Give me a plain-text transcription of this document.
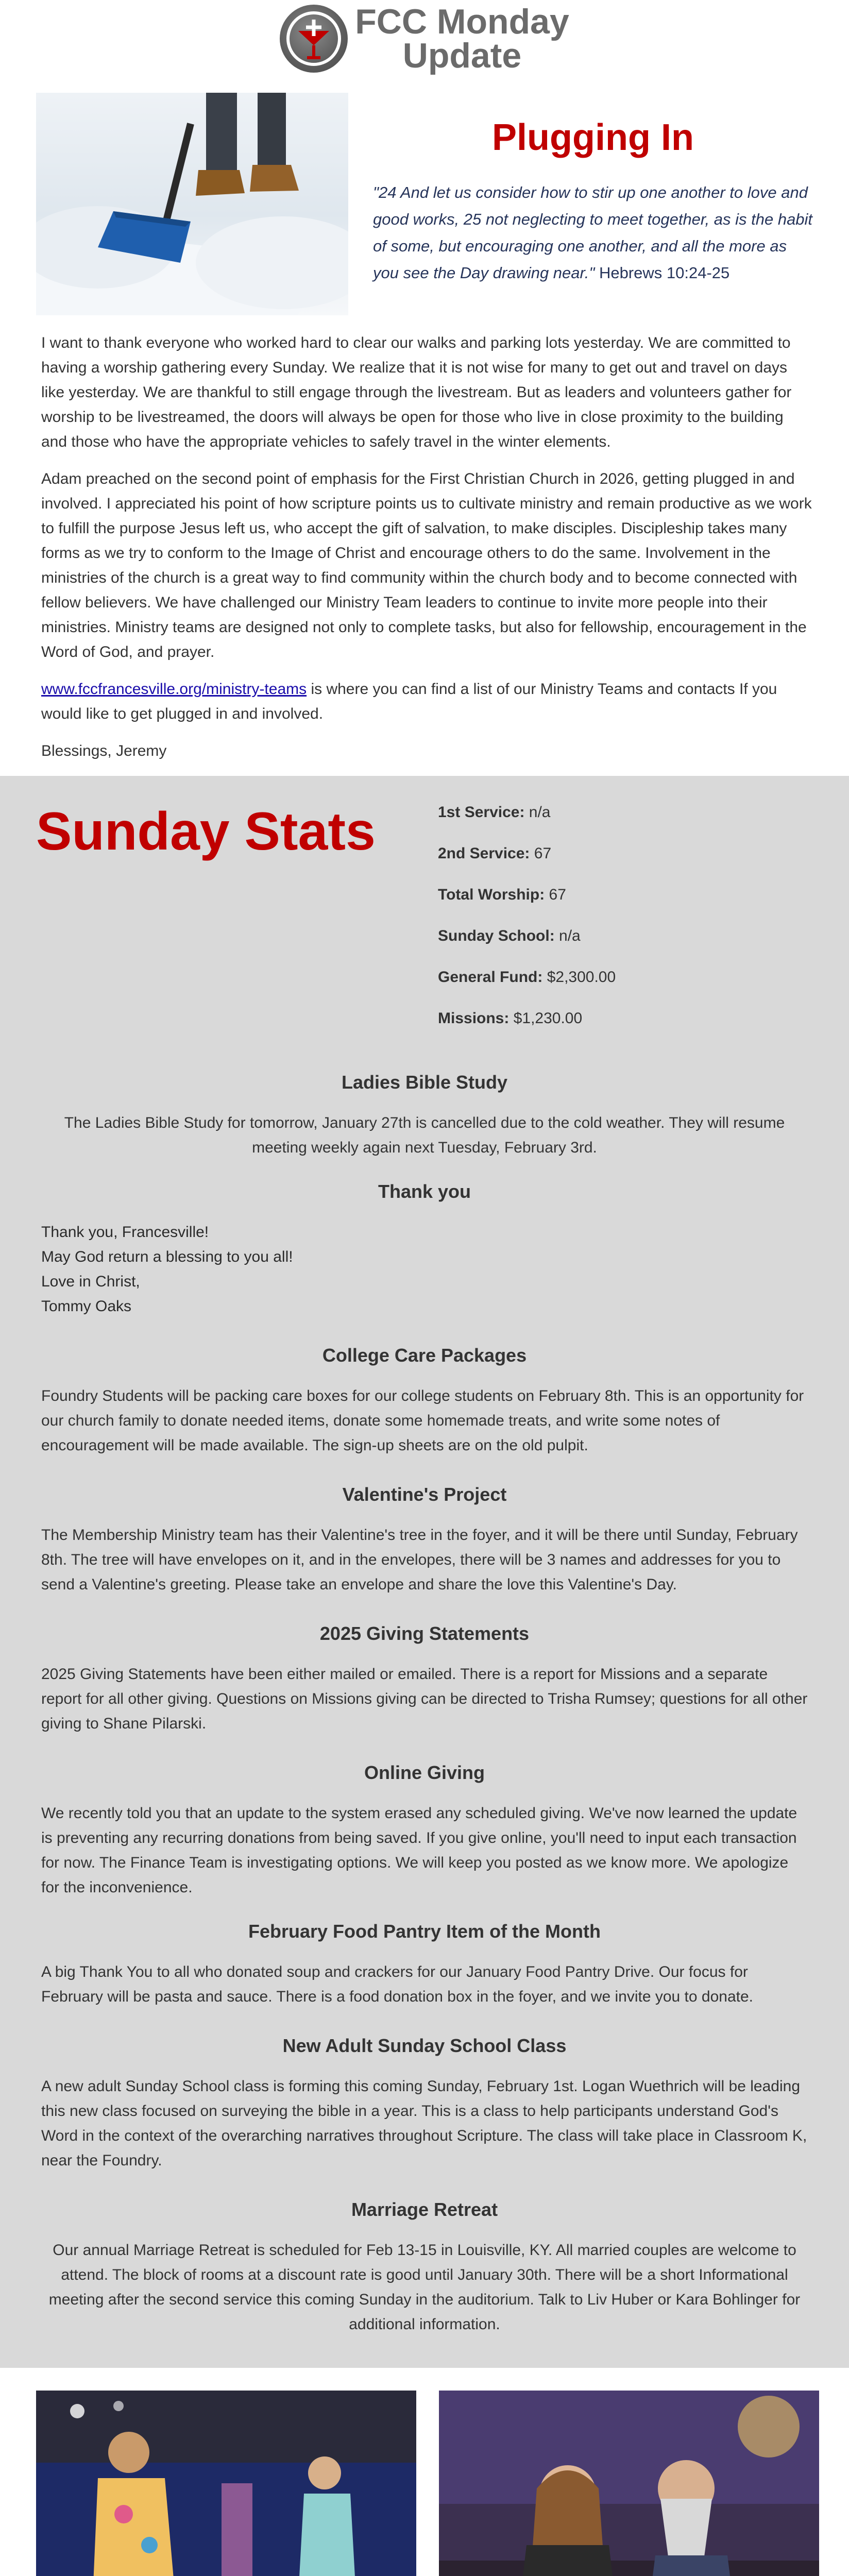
FCC Monday
Update
Plugging In
"24 And let us consider how to stir up one another to love and good works, 25 not neglecting to meet together, as is the habit of some, but encouraging one another, and all the more as you see the Day drawing near." Hebrews 10:24-25

I want to thank everyone who worked hard to clear our walks and parking lots yesterday. We are committed to having a worship gathering every Sunday. We realize that it is not wise for many to get out and travel on days like yesterday. We are thankful to still engage through the livestream. But as leaders and volunteers gather for worship to be livestreamed, the doors will always be open for those who live in close proximity to the building and those who have the appropriate vehicles to safely travel in the winter elements.

Adam preached on the second point of emphasis for the First Christian Church in 2026, getting plugged in and involved. I appreciated his point of how scripture points us to cultivate ministry and remain productive as we work to fulfill the purpose Jesus left us, who accept the gift of salvation, to make disciples. Discipleship takes many forms as we try to conform to the Image of Christ and encourage others to do the same. Involvement in the ministries of the church is a great way to find community within the church body and to become connected with fellow believers. We have challenged our Ministry Team leaders to continue to invite more people into their ministries. Ministry teams are designed not only to complete tasks, but also for fellowship, encouragement in the Word of God, and prayer.

www.fccfrancesville.org/ministry-teams is where you can find a list of our Ministry Teams and contacts If you would like to get plugged in and involved.

Blessings, Jeremy

Sunday Stats	1st Service: n/a
2nd Service: 67
Total Worship: 67
Sunday School: n/a
General Fund: $2,300.00
Missions: $1,230.00
Ladies Bible Study

The Ladies Bible Study for tomorrow, January 27th is cancelled due to the cold weather. They will resume meeting weekly again next Tuesday, February 3rd.

Thank you
Thank you, Francesville!
May God return a blessing to you all!
Love in Christ,
Tommy Oaks
College Care Packages

Foundry Students will be packing care boxes for our college students on February 8th. This is an opportunity for our church family to donate needed items, donate some homemade treats, and write some notes of encouragement will be made available. The sign-up sheets are on the old pulpit.

Valentine's Project

The Membership Ministry team has their Valentine's tree in the foyer, and it will be there until Sunday, February 8th. The tree will have envelopes on it, and in the envelopes, there will be 3 names and addresses for you to send a Valentine's greeting. Please take an envelope and share the love this Valentine's Day.

2025 Giving Statements

2025 Giving Statements have been either mailed or emailed. There is a report for Missions and a separate report for all other giving. Questions on Missions giving can be directed to Trisha Rumsey; questions for all other giving to Shane Pilarski.

Online Giving

We recently told you that an update to the system erased any scheduled giving. We've now learned the update is preventing any recurring donations from being saved. If you give online, you'll need to input each transaction for now. The Finance Team is investigating options. We will keep you posted as we know more. We apologize for the inconvenience.

February Food Pantry Item of the Month

A big Thank You to all who donated soup and crackers for our January Food Pantry Drive. Our focus for February will be pasta and sauce. There is a food donation box in the foyer, and we invite you to donate.

New Adult Sunday School Class

A new adult Sunday School class is forming this coming Sunday, February 1st. Logan Wuethrich will be leading this new class focused on surveying the bible in a year. This is a class to help participants understand God's Word in the context of the overarching narratives throughout Scripture. The class will take place in Classroom K, near the Foundry.

Marriage Retreat

Our annual Marriage Retreat is scheduled for Feb 13-15 in Louisville, KY. All married couples are welcome to attend. The block of rooms at a discount rate is good until January 30th. There will be a short Informational meeting after the second service this coming Sunday in the auditorium. Talk to Liv Huber or Kara Bohlinger for additional information.
